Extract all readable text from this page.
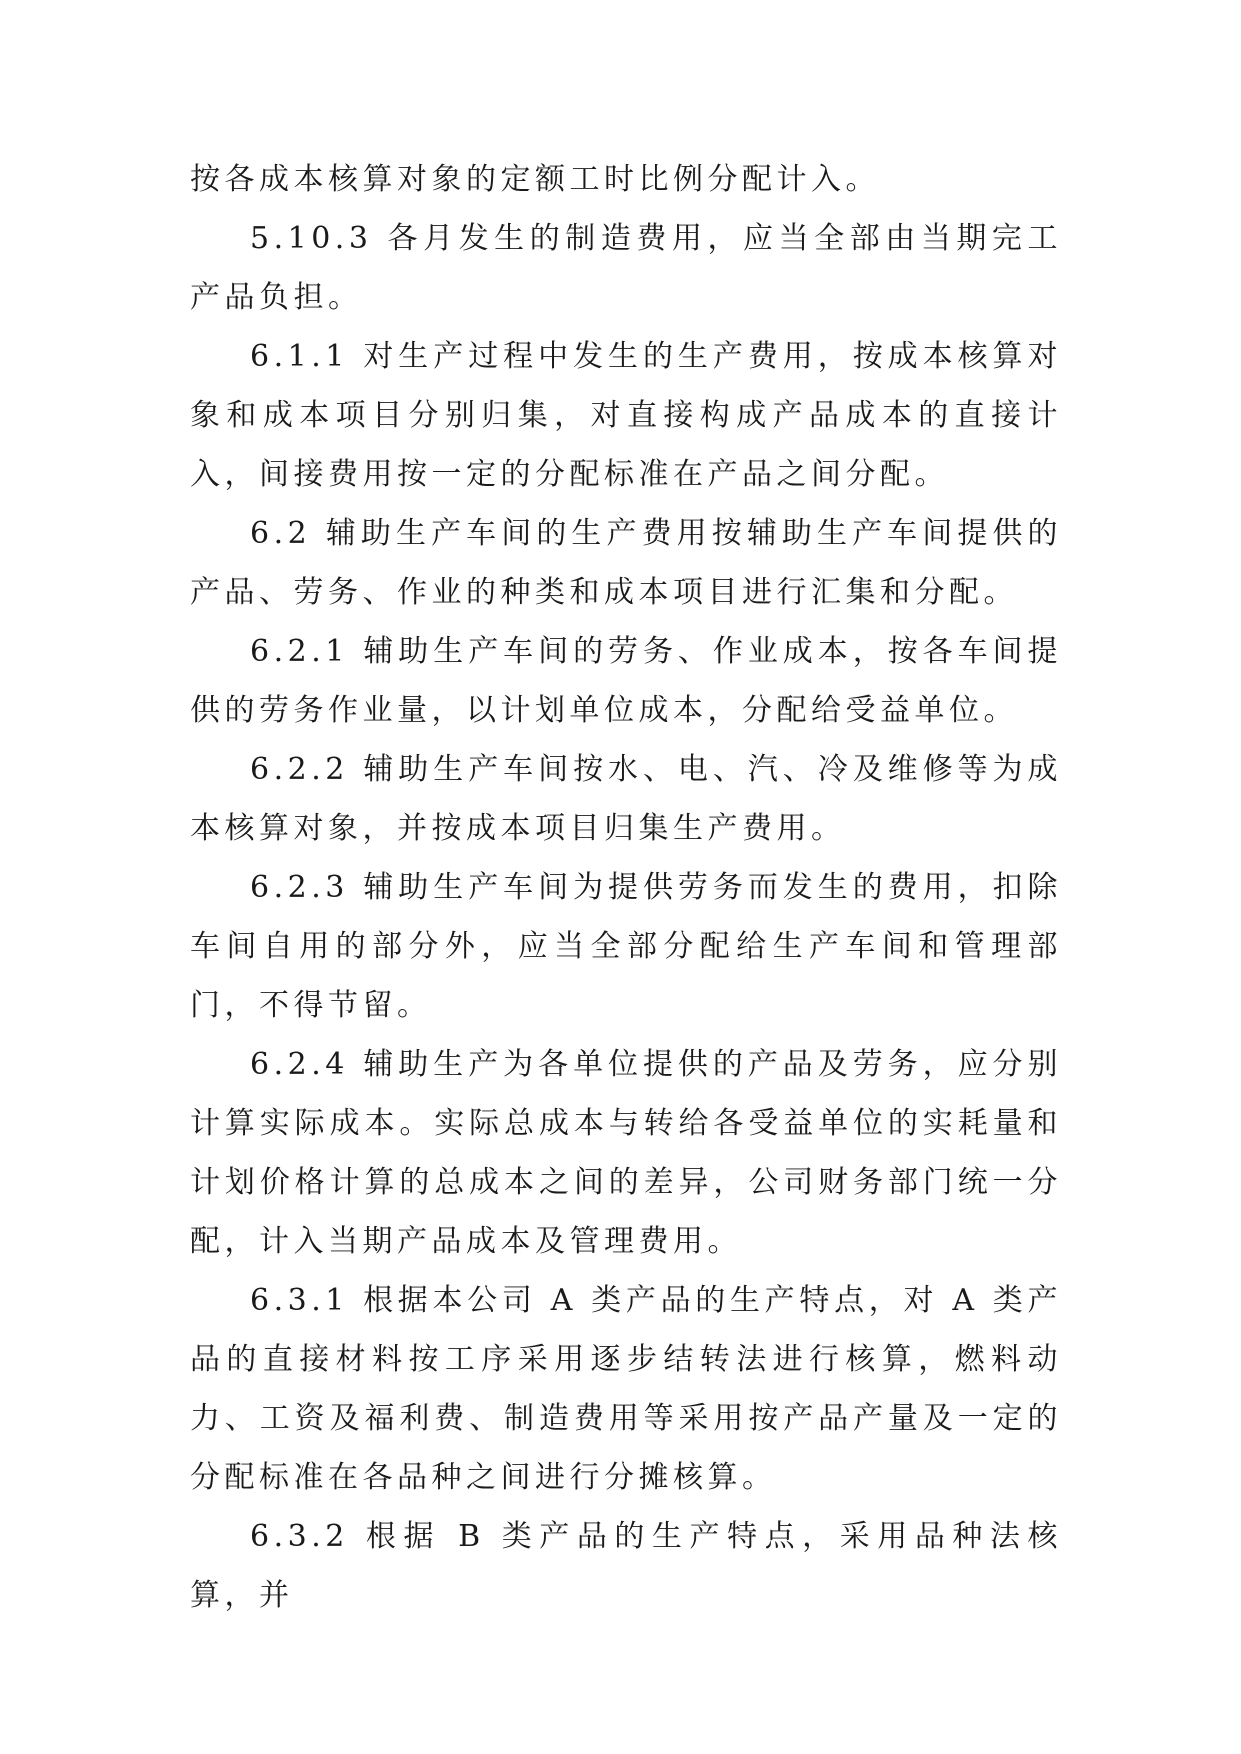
按各成本核算对象的定额工时比例分配计入。

5.10.3 各月发生的制造费用，应当全部由当期完工产品负担。

6.1.1 对生产过程中发生的生产费用，按成本核算对象和成本项目分别归集，对直接构成产品成本的直接计入，间接费用按一定的分配标准在产品之间分配。

6.2 辅助生产车间的生产费用按辅助生产车间提供的产品、劳务、作业的种类和成本项目进行汇集和分配。

6.2.1 辅助生产车间的劳务、作业成本，按各车间提供的劳务作业量，以计划单位成本，分配给受益单位。

6.2.2 辅助生产车间按水、电、汽、冷及维修等为成本核算对象，并按成本项目归集生产费用。

6.2.3 辅助生产车间为提供劳务而发生的费用，扣除车间自用的部分外，应当全部分配给生产车间和管理部门，不得节留。

6.2.4 辅助生产为各单位提供的产品及劳务，应分别计算实际成本。实际总成本与转给各受益单位的实耗量和计划价格计算的总成本之间的差异，公司财务部门统一分配，计入当期产品成本及管理费用。

6.3.1 根据本公司 A 类产品的生产特点，对 A 类产品的直接材料按工序采用逐步结转法进行核算，燃料动力、工资及福利费、制造费用等采用按产品产量及一定的分配标准在各品种之间进行分摊核算。

6.3.2 根据 B 类产品的生产特点，采用品种法核算，并
